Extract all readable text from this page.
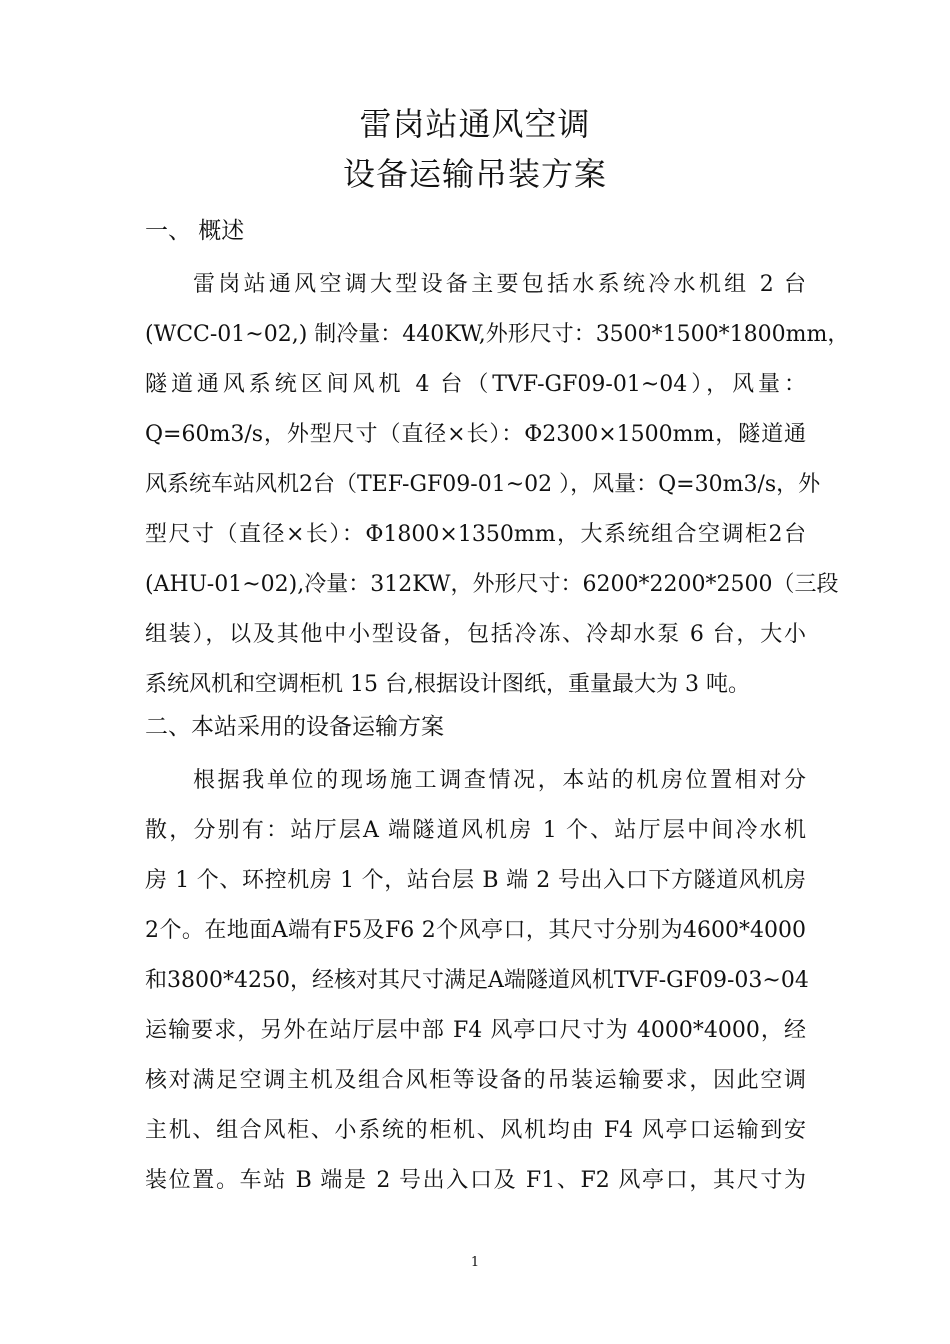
雷岗站通风空调
设备运输吊装方案
一、 概述
雷岗站通风空调大型设备主要包括水系统冷水机组 2 台
(WCC-01~02,) 制冷量：440KW,外形尺寸：3500*1500*1800mm，
隧道通风系统区间风机 4 台（TVF-GF09-01~04），风量：
Q=60m3/s，外型尺寸（直径×长）：Φ2300×1500mm，隧道通
风系统车站风机2台（TEF-GF09-01~02 ），风量：Q=30m3/s，外
型尺寸（直径×长）：Φ1800×1350mm，大系统组合空调柜2台
(AHU-01~02),冷量：312KW，外形尺寸：6200*2200*2500（三段
组装），以及其他中小型设备，包括冷冻、冷却水泵 6 台，大小
系统风机和空调柜机 15 台,根据设计图纸，重量最大为 3 吨。
二、本站采用的设备运输方案
根据我单位的现场施工调查情况，本站的机房位置相对分
散，分别有：站厅层A 端隧道风机房 1 个、站厅层中间冷水机
房 1 个、环控机房 1 个，站台层 B 端 2 号出入口下方隧道风机房
2个。在地面A端有F5及F6 2个风亭口，其尺寸分别为4600*4000
和3800*4250，经核对其尺寸满足A端隧道风机TVF-GF09-03~04
运输要求，另外在站厅层中部 F4 风亭口尺寸为 4000*4000，经
核对满足空调主机及组合风柜等设备的吊装运输要求，因此空调
主机、组合风柜、小系统的柜机、风机均由 F4 风亭口运输到安
装位置。车站 B 端是 2 号出入口及 F1、F2 风亭口，其尺寸为
1
